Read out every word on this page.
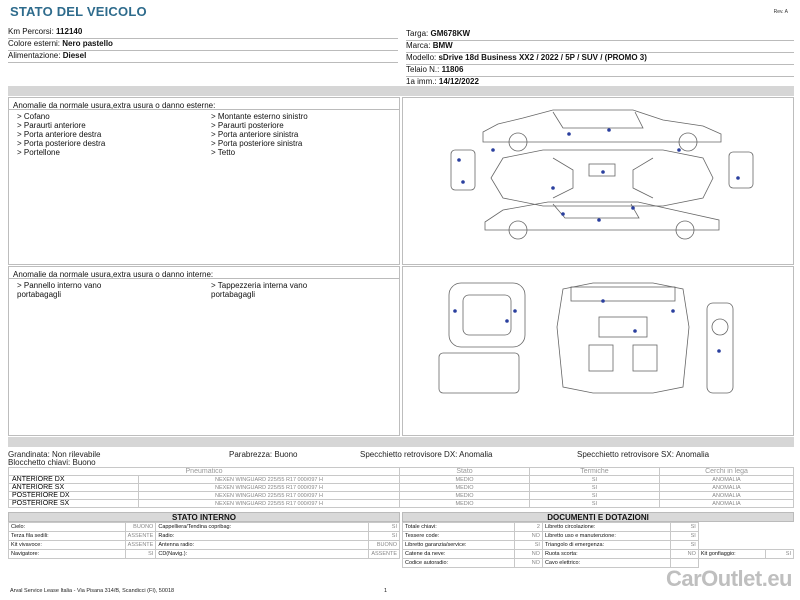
STATO DEL VEICOLO	Rev. A
Km Percorsi: 112140
Colore esterni: Nero pastello
Alimentazione: Diesel
Targa: GM678KW
Marca: BMW
Modello: sDrive 18d Business XX2 / 2022 / 5P / SUV / (PROMO 3)
Telaio N.: 11806
1a imm.: 14/12/2022
Anomalie da normale usura,extra usura o danno esterne:
> Cofano
> Paraurti anteriore
> Porta anteriore destra
> Porta posteriore destra
> Portellone
> Montante esterno sinistro
> Paraurti posteriore
> Porta anteriore sinistra
> Porta posteriore sinistra
> Tetto
Anomalie da normale usura,extra usura o danno interne:
> Pannello interno vano
portabagagli
> Tappezzeria interna vano
portabagagli
Grandinata: Non rilevabile	Parabrezza: Buono	Specchietto retrovisore DX: Anomalia	Specchietto retrovisore SX: Anomalia
Blocchetto chiavi: Buono
Pneumatico		Stato	Termiche	Cerchi in lega
ANTERIORE DX	NEXEN WINGUARD 225/55 R17 000/097 H	MEDIO	SI	ANOMALIA
ANTERIORE SX	NEXEN WINGUARD 225/55 R17 000/097 H	MEDIO	SI	ANOMALIA
POSTERIORE DX	NEXEN WINGUARD 225/55 R17 000/097 H	MEDIO	SI	ANOMALIA
POSTERIORE SX	NEXEN WINGUARD 225/55 R17 000/097 H	MEDIO	SI	ANOMALIA
STATO INTERNO
Cielo:	BUONO	Cappelliera/Tendina copribag:	SI
Terza fila sedili:	ASSENTE	Radio:	SI
Kit vivavoce:	ASSENTE	Antenna radio:	BUONO
Navigatore:	SI	CD(Navig.):	ASSENTE
DOCUMENTI E DOTAZIONI
Totale chiavi:	2	Libretto circolazione:	SI		
Tessere code:	NO	Libretto uso e manutenzione:	SI		
Libretto garanzia/service:	SI	Triangolo di emergenza:	SI		
Catene da neve:	NO	Ruota scorta:	NO	Kit gonfiaggio:	SI
Codice autoradio:	NO	Cavo elettrico:			
Arval Service Lease Italia - Via Pisana 314/B, Scandicci (FI), 50018	1	CarOutlet.eu
